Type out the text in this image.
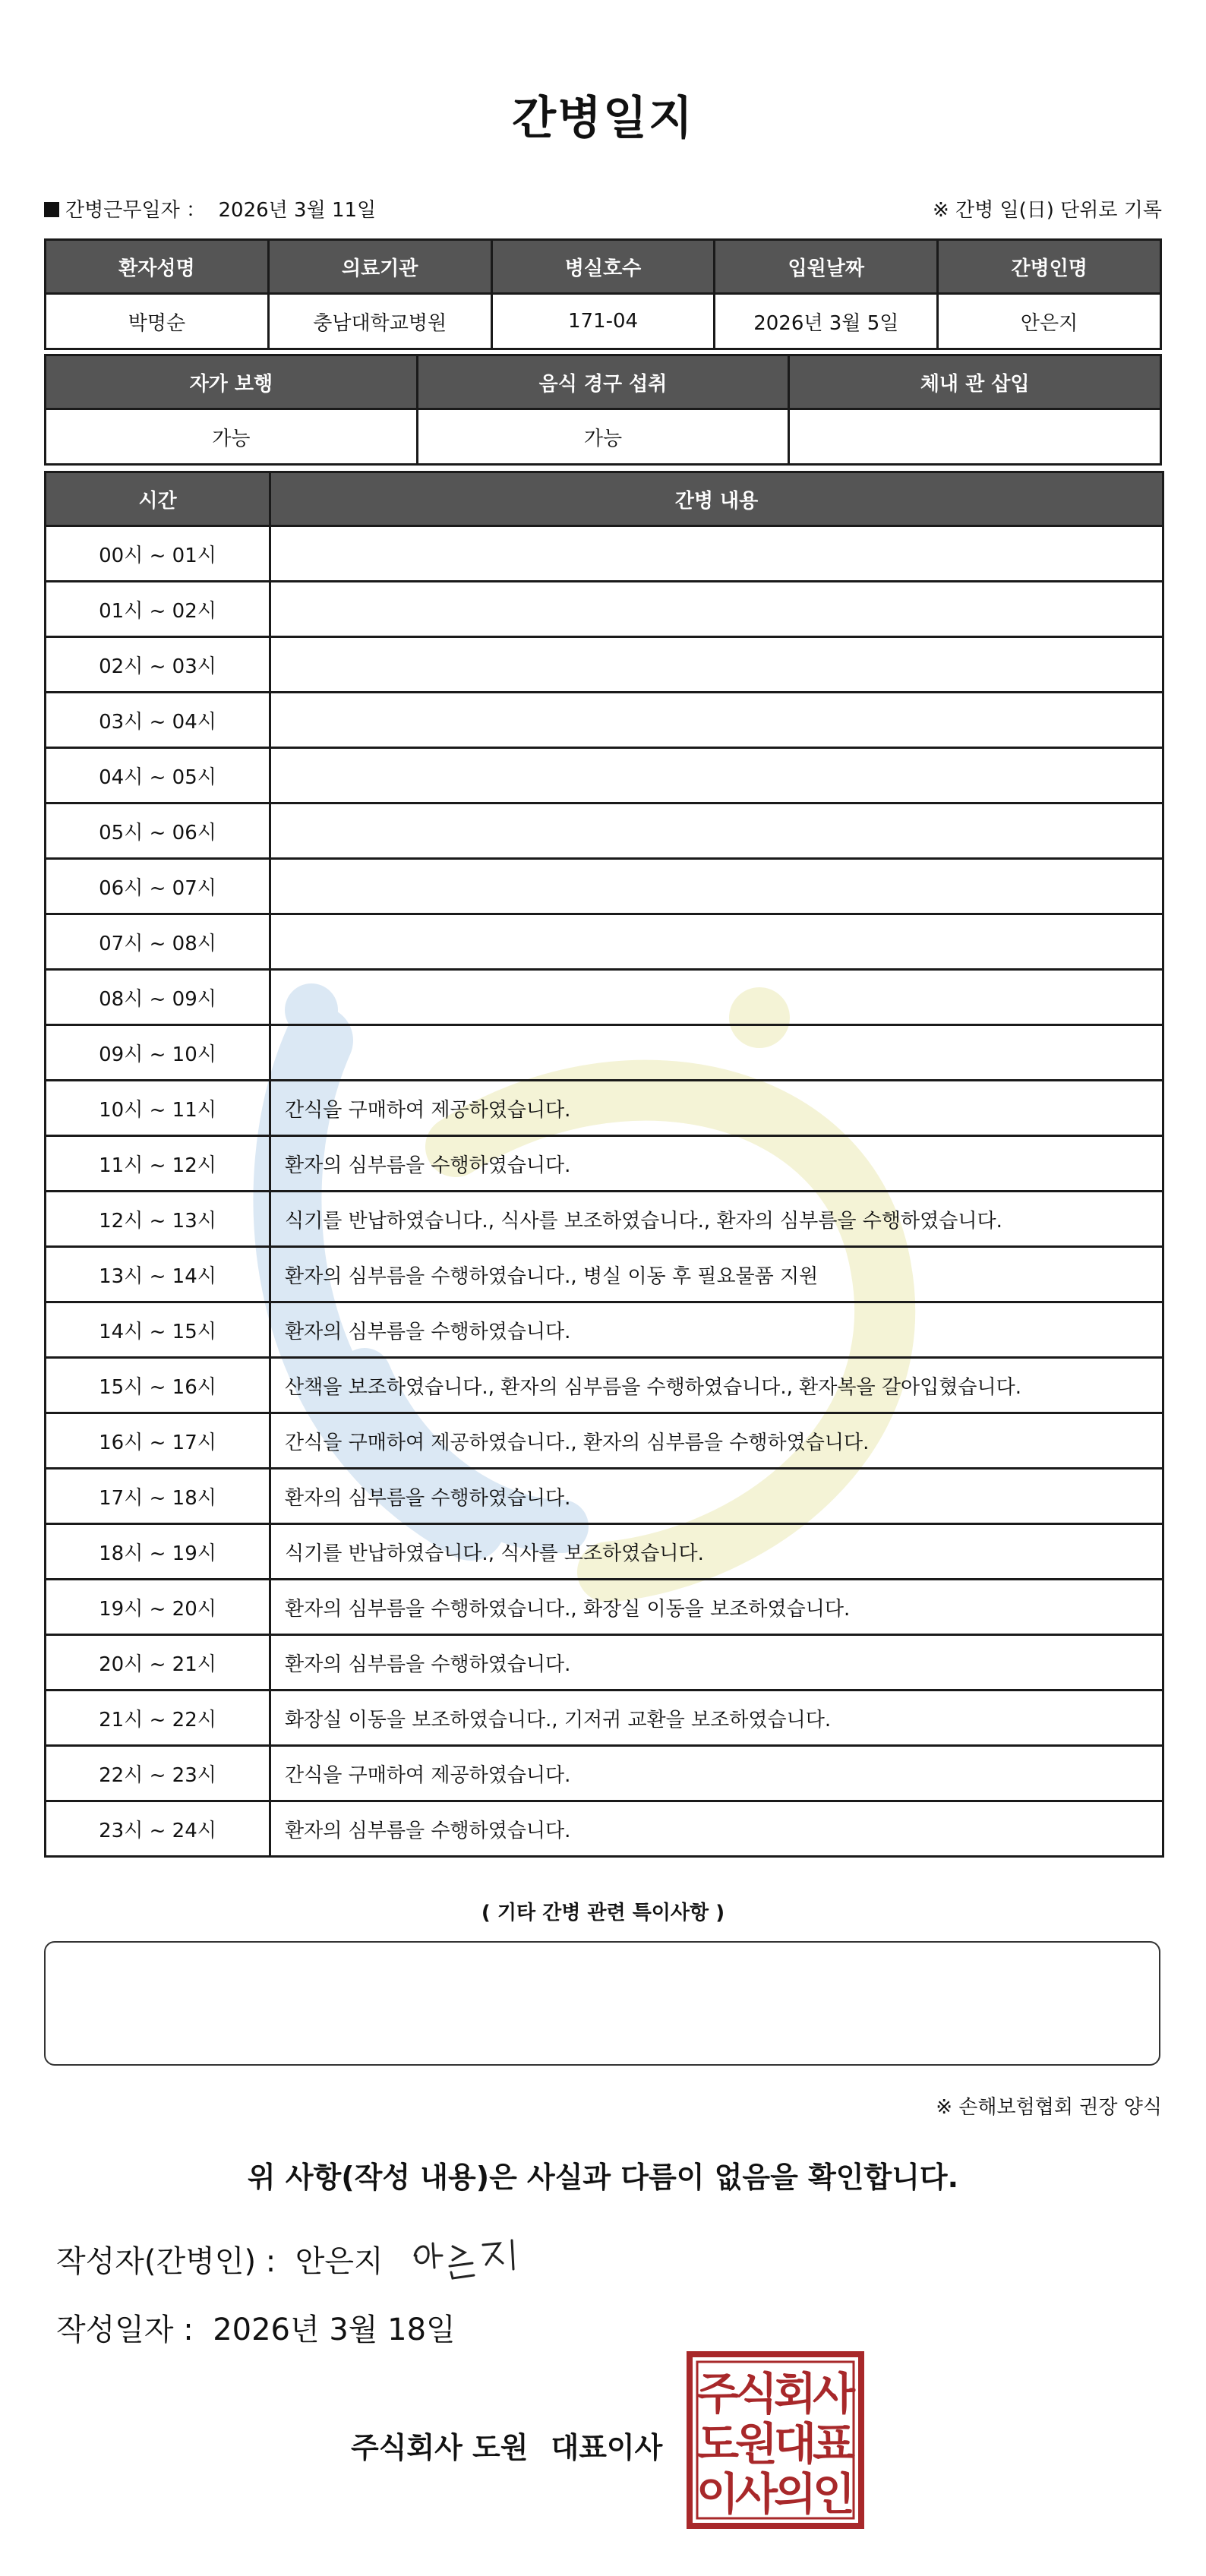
간병일지
간병근무일자 ： 2026년 3월 11일	※ 간병 일(日) 단위로 기록
환자성명	의료기관	병실호수	입원날짜	간병인명
박명순	충남대학교병원	171-04	2026년 3월 5일	안은지
자가 보행	음식 경구 섭취	체내 관 삽입
가능	가능	
시간	간병 내용
00시 ~ 01시	
01시 ~ 02시	
02시 ~ 03시	
03시 ~ 04시	
04시 ~ 05시	
05시 ~ 06시	
06시 ~ 07시	
07시 ~ 08시	
08시 ~ 09시	
09시 ~ 10시	
10시 ~ 11시	간식을 구매하여 제공하였습니다.
11시 ~ 12시	환자의 심부름을 수행하였습니다.
12시 ~ 13시	식기를 반납하였습니다., 식사를 보조하였습니다., 환자의 심부름을 수행하였습니다.
13시 ~ 14시	환자의 심부름을 수행하였습니다., 병실 이동 후 필요물품 지원
14시 ~ 15시	환자의 심부름을 수행하였습니다.
15시 ~ 16시	산책을 보조하였습니다., 환자의 심부름을 수행하였습니다., 환자복을 갈아입혔습니다.
16시 ~ 17시	간식을 구매하여 제공하였습니다., 환자의 심부름을 수행하였습니다.
17시 ~ 18시	환자의 심부름을 수행하였습니다.
18시 ~ 19시	식기를 반납하였습니다., 식사를 보조하였습니다.
19시 ~ 20시	환자의 심부름을 수행하였습니다., 화장실 이동을 보조하였습니다.
20시 ~ 21시	환자의 심부름을 수행하였습니다.
21시 ~ 22시	화장실 이동을 보조하였습니다., 기저귀 교환을 보조하였습니다.
22시 ~ 23시	간식을 구매하여 제공하였습니다.
23시 ~ 24시	환자의 심부름을 수행하였습니다.
( 기타 간병 관련 특이사항 )
※ 손해보험협회 권장 양식
위 사항(작성 내용)은 사실과 다름이 없음을 확인합니다.
작성자(간병인) : 안은지
작성일자 : 2026년 3월 18일
주식회사 도원 대표이사
주
식
회
사
도
원
대
표
이
사
의
인
